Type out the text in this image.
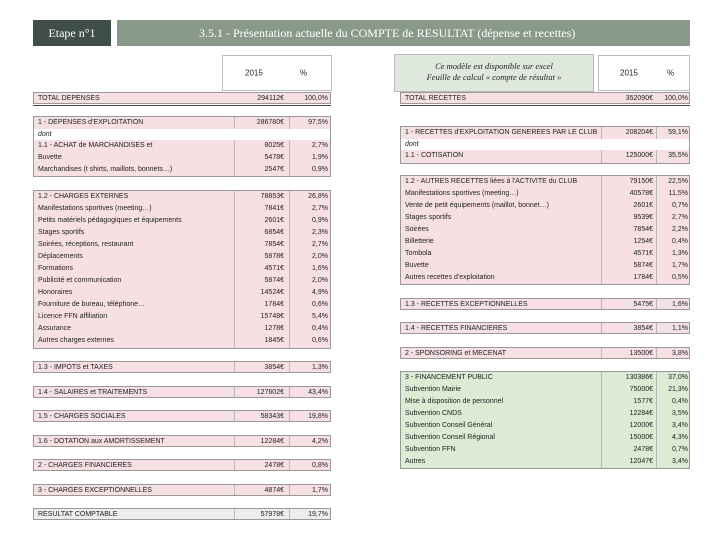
Etape n°1	3.5.1 - Présentation actuelle du COMPTE de RESULTAT (dépense et recettes)
2015	%
Ce modèle est disponible sur excel
Feuille de calcul « compte de résultat »	2015	%
TOTAL DEPENSES	294112€	100,0%
1 - DEPENSES d'EXPLOITATION	286780€	97,5%
dont
1.1 - ACHAT de MARCHANDISES et	8025€	2,7%
Buvette	5478€	1,9%
Marchandises (t shirts, maillots, bonnets…)	2547€	0,9%
1.2 - CHARGES EXTERNES	78853€	26,8%
Manifestations sportives (meeting…)	7841€	2,7%
Petits matériels pédagogiques et équipements	2601€	0,9%
Stages sportifs	6854€	2,3%
Soirées, réceptions, restaurant	7854€	2,7%
Déplacements	5878€	2,0%
Formations	4571€	1,6%
Publicité et communication	5874€	2,0%
Honoraires	14524€	4,9%
Fourniture de bureau, téléphone…	1784€	0,6%
Licence FFN affiliation	15748€	5,4%
Assurance	1278€	0,4%
Autres charges externes	1845€	0,6%
1.3 - IMPOTS et TAXES	3854€	1,3%
1.4 - SALAIRES et TRAITEMENTS	127602€	43,4%
1.5 - CHARGES SOCIALES	58343€	19,8%
1.6 - DOTATION aux AMORTISSEMENT	12284€	4,2%
2 - CHARGES FINANCIERES	2478€	0,8%
3 - CHARGES EXCEPTIONNELLES	4874€	1,7%
RESULTAT COMPTABLE	57978€	19,7%
TOTAL RECETTES	352090€ 100,0%
1 - RECETTES d'EXPLOITATION GENEREES PAR LE CLUB	208204€ 59,1%
dont
1.1 - COTISATION	125000€ 35,5%
1.2 - AUTRES RECETTES liées à l'ACTIVITE du CLUB	79150€ 22,5%
Manifestations sportives (meeting…)	40578€ 11,5%
Vente de petit équipements (maillot, bonnet…)	2601€	0,7%
Stages sportifs	9539€	2,7%
Soirées	7854€	2,2%
Billetterie	1254€	0,4%
Tombola	4571€	1,3%
Buvette	5874€	1,7%
Autres recettes d'exploitation	1784€	0,5%
1.3 - RECETTES EXCEPTIONNELLES	5475€	1,6%
1.4 - RECETTES FINANCIERES	3854€	1,1%
2 - SPONSORING et MECENAT	13500€	3,8%
3 - FINANCEMENT PUBLIC	130386€ 37,0%
Subvention Mairie	75000€ 21,3%
Mise à disposition de personnel	1577€	0,4%
Subvention CNDS	12284€	3,5%
Subvention Conseil Général	12000€	3,4%
Subvention Conseil Régional	15000€	4,3%
Subvention FFN	2478€	0,7%
Autres	12047€	3,4%
